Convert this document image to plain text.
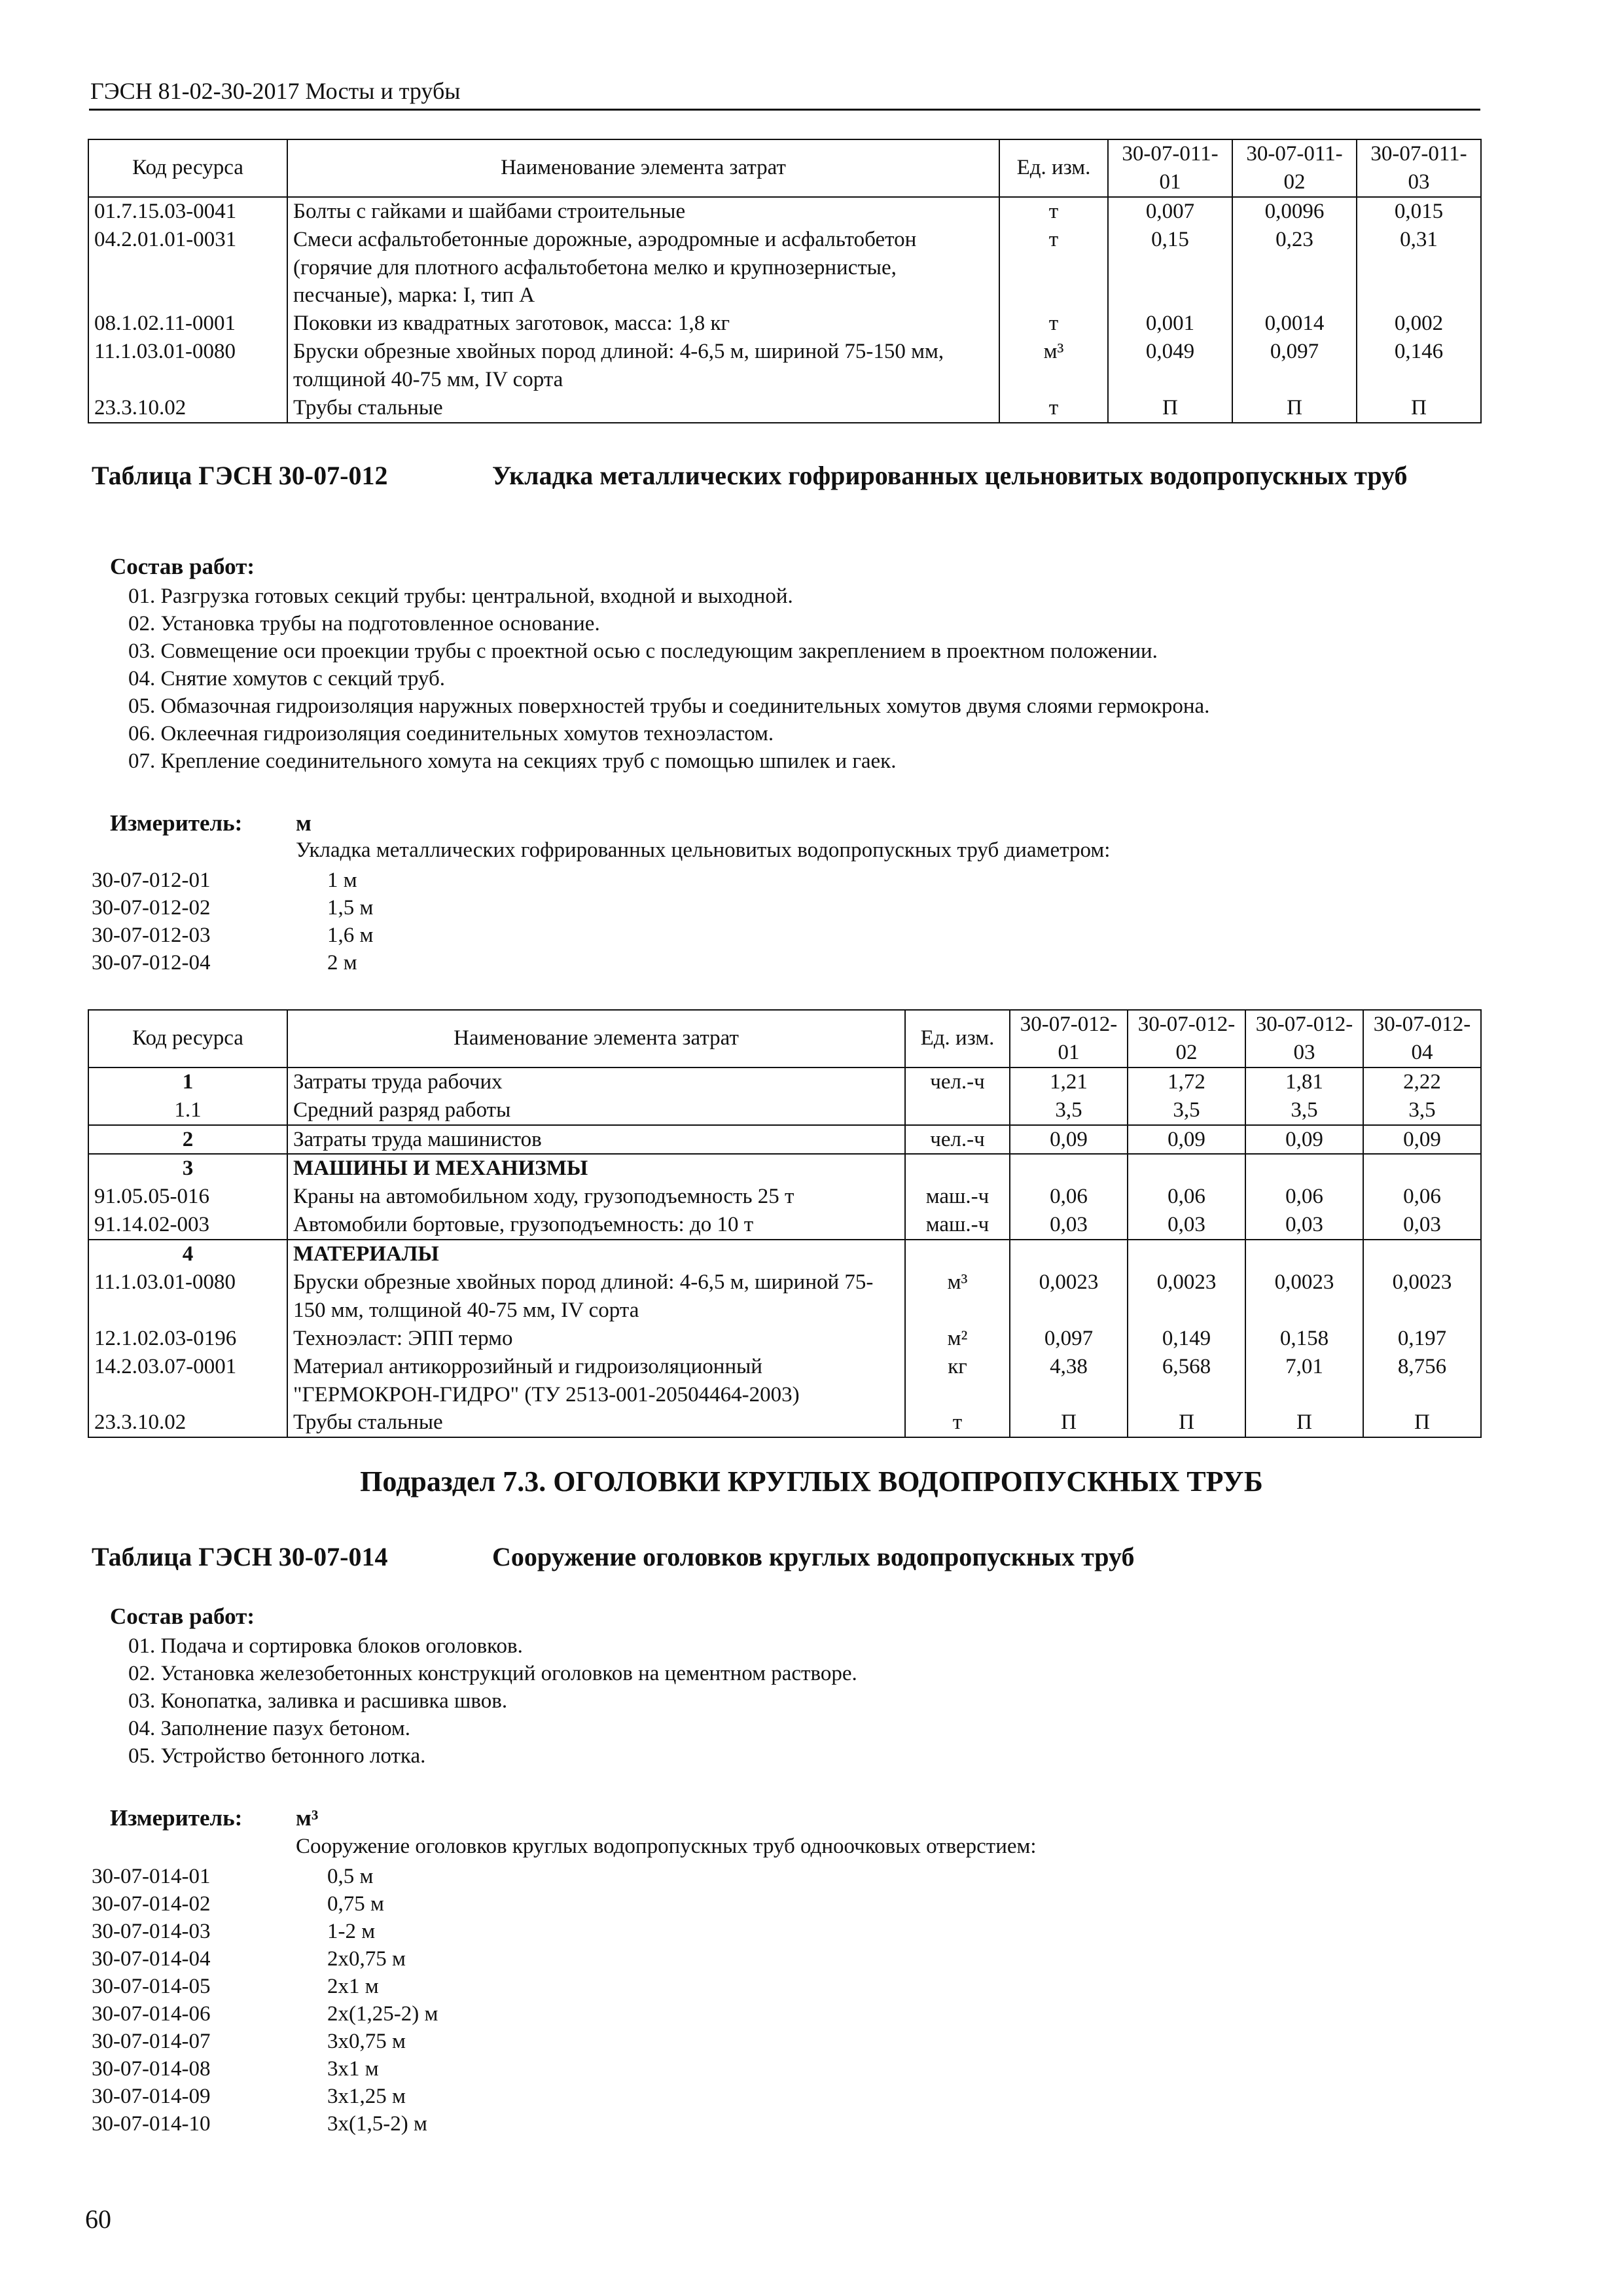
ГЭСН 81-02-30-2017 Мосты и трубы
Код ресурса	Наименование элемента затрат	Ед. изм.	30-07-011-01	30-07-011-02	30-07-011-03
01.7.15.03-0041	Болты с гайками и шайбами строительные	т	0,007	0,0096	0,015
04.2.01.01-0031	Смеси асфальтобетонные дорожные, аэродромные и асфальтобетон (горячие для плотного асфальтобетона мелко и крупнозернистые, песчаные), марка: I, тип А	т	0,15	0,23	0,31
08.1.02.11-0001	Поковки из квадратных заготовок, масса: 1,8 кг	т	0,001	0,0014	0,002
11.1.03.01-0080	Бруски обрезные хвойных пород длиной: 4-6,5 м, шириной 75-150 мм, толщиной 40-75 мм, IV сорта	м³	0,049	0,097	0,146
23.3.10.02	Трубы стальные	т	П	П	П
Таблица ГЭСН 30-07-012	Укладка металлических гофрированных цельновитых водопропускных труб
Состав работ:
01. Разгрузка готовых секций трубы: центральной, входной и выходной.
02. Установка трубы на подготовленное основание.
03. Совмещение оси проекции трубы с проектной осью с последующим закреплением в проектном положении.
04. Снятие хомутов с секций труб.
05. Обмазочная гидроизоляция наружных поверхностей трубы и соединительных хомутов двумя слоями гермокрона.
06. Оклеечная гидроизоляция соединительных хомутов техноэластом.
07. Крепление соединительного хомута на секциях труб с помощью шпилек и гаек.
Измеритель: м
Укладка металлических гофрированных цельновитых водопропускных труб диаметром:
30-07-012-01	1 м
30-07-012-02	1,5 м
30-07-012-03	1,6 м
30-07-012-04	2 м
Код ресурса	Наименование элемента затрат	Ед. изм.	30-07-012-01	30-07-012-02	30-07-012-03	30-07-012-04
1	Затраты труда рабочих	чел.-ч	1,21	1,72	1,81	2,22
1.1	Средний разряд работы		3,5	3,5	3,5	3,5
2	Затраты труда машинистов	чел.-ч	0,09	0,09	0,09	0,09
3	МАШИНЫ И МЕХАНИЗМЫ					
91.05.05-016	Краны на автомобильном ходу, грузоподъемность 25 т	маш.-ч	0,06	0,06	0,06	0,06
91.14.02-003	Автомобили бортовые, грузоподъемность: до 10 т	маш.-ч	0,03	0,03	0,03	0,03
4	МАТЕРИАЛЫ					
11.1.03.01-0080	Бруски обрезные хвойных пород длиной: 4-6,5 м, шириной 75-150 мм, толщиной 40-75 мм, IV сорта	м³	0,0023	0,0023	0,0023	0,0023
12.1.02.03-0196	Техноэласт: ЭПП термо	м²	0,097	0,149	0,158	0,197
14.2.03.07-0001	Материал антикоррозийный и гидроизоляционный "ГЕРМОКРОН-ГИДРО" (ТУ 2513-001-20504464-2003)	кг	4,38	6,568	7,01	8,756
23.3.10.02	Трубы стальные	т	П	П	П	П
Подраздел 7.3. ОГОЛОВКИ КРУГЛЫХ ВОДОПРОПУСКНЫХ ТРУБ
Таблица ГЭСН 30-07-014	Сооружение оголовков круглых водопропускных труб
Состав работ:
01. Подача и сортировка блоков оголовков.
02. Установка железобетонных конструкций оголовков на цементном растворе.
03. Конопатка, заливка и расшивка швов.
04. Заполнение пазух бетоном.
05. Устройство бетонного лотка.
Измеритель: м³
Сооружение оголовков круглых водопропускных труб одноочковых отверстием:
30-07-014-01	0,5 м
30-07-014-02	0,75 м
30-07-014-03	1-2 м
30-07-014-04	2х0,75 м
30-07-014-05	2х1 м
30-07-014-06	2х(1,25-2) м
30-07-014-07	3х0,75 м
30-07-014-08	3х1 м
30-07-014-09	3х1,25 м
30-07-014-10	3х(1,5-2) м
60
